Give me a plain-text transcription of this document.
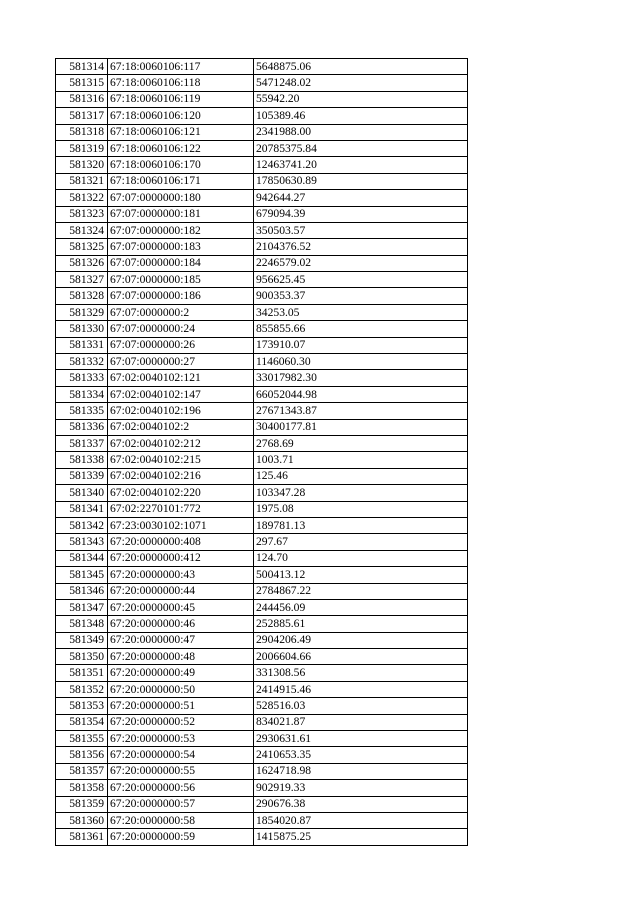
581314	67:18:0060106:117	5648875.06
581315	67:18:0060106:118	5471248.02
581316	67:18:0060106:119	55942.20
581317	67:18:0060106:120	105389.46
581318	67:18:0060106:121	2341988.00
581319	67:18:0060106:122	20785375.84
581320	67:18:0060106:170	12463741.20
581321	67:18:0060106:171	17850630.89
581322	67:07:0000000:180	942644.27
581323	67:07:0000000:181	679094.39
581324	67:07:0000000:182	350503.57
581325	67:07:0000000:183	2104376.52
581326	67:07:0000000:184	2246579.02
581327	67:07:0000000:185	956625.45
581328	67:07:0000000:186	900353.37
581329	67:07:0000000:2	34253.05
581330	67:07:0000000:24	855855.66
581331	67:07:0000000:26	173910.07
581332	67:07:0000000:27	1146060.30
581333	67:02:0040102:121	33017982.30
581334	67:02:0040102:147	66052044.98
581335	67:02:0040102:196	27671343.87
581336	67:02:0040102:2	30400177.81
581337	67:02:0040102:212	2768.69
581338	67:02:0040102:215	1003.71
581339	67:02:0040102:216	125.46
581340	67:02:0040102:220	103347.28
581341	67:02:2270101:772	1975.08
581342	67:23:0030102:1071	189781.13
581343	67:20:0000000:408	297.67
581344	67:20:0000000:412	124.70
581345	67:20:0000000:43	500413.12
581346	67:20:0000000:44	2784867.22
581347	67:20:0000000:45	244456.09
581348	67:20:0000000:46	252885.61
581349	67:20:0000000:47	2904206.49
581350	67:20:0000000:48	2006604.66
581351	67:20:0000000:49	331308.56
581352	67:20:0000000:50	2414915.46
581353	67:20:0000000:51	528516.03
581354	67:20:0000000:52	834021.87
581355	67:20:0000000:53	2930631.61
581356	67:20:0000000:54	2410653.35
581357	67:20:0000000:55	1624718.98
581358	67:20:0000000:56	902919.33
581359	67:20:0000000:57	290676.38
581360	67:20:0000000:58	1854020.87
581361	67:20:0000000:59	1415875.25
